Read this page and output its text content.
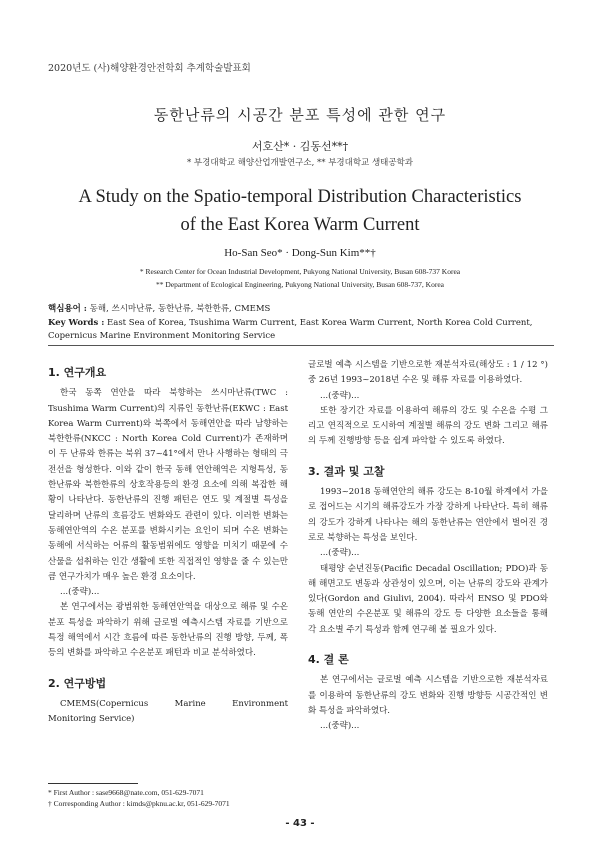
2020년도 (사)해양환경안전학회 추계학술발표회
동한난류의 시공간 분포 특성에 관한 연구
서호산* · 김동선**†
* 부경대학교 해양산업개발연구소, ** 부경대학교 생태공학과
A Study on the Spatio-temporal Distribution Characteristics
of the East Korea Warm Current
Ho-San Seo* · Dong-Sun Kim**†
* Research Center for Ocean Industrial Development, Pukyong National University, Busan 608-737 Korea
** Department of Ecological Engineering, Pukyong National University, Busan 608-737, Korea
핵심용어 : 동해, 쓰시마난류, 동한난류, 북한한류, CMEMS
Key Words : East Sea of Korea, Tsushima Warm Current, East Korea Warm Current, North Korea Cold Current, Copernicus Marine Environment Monitoring Service
1. 연구개요

한국 동쪽 연안을 따라 북향하는 쓰시마난류(TWC : Tsushima Warm Current)의 지류인 동한난류(EKWC : East Korea Warm Current)와 북쪽에서 동해연안을 따라 남향하는 북한한류(NKCC : North Korea Cold Current)가 존재하며 이 두 난류와 한류는 북위 37~41°에서 만나 사행하는 형태의 극전선을 형성한다. 이와 같이 한국 동해 연안해역은 지형특성, 동한난류와 북한한류의 상호작용등의 환경 요소에 의해 복잡한 해황이 나타난다. 동한난류의 진행 패턴은 연도 및 계절별 특성을 달리하며 난류의 흐름강도 변화와도 관련이 있다. 이러한 변화는 동해연안역의 수온 분포를 변화시키는 요인이 되며 수온 변화는 동해에 서식하는 어류의 활동범위에도 영향을 미치기 때문에 수산물을 섭취하는 인간 생활에 또한 직접적인 영향을 줄 수 있는만큼 연구가치가 매우 높은 환경 요소이다.

...(중략)...

본 연구에서는 광범위한 동해연안역을 대상으로 해류 및 수온 분포 특성을 파악하기 위해 글로벌 예측시스템 자료를 기반으로 특정 해역에서 시간 흐름에 따른 동한난류의 진행 방향, 두께, 폭 등의 변화를 파악하고 수온분포 패턴과 비교 분석하였다.

2. 연구방법

CMEMS(Copernicus Marine Environment Monitoring Service)

글로벌 예측 시스템을 기반으로한 재분석자료(해상도 : 1 / 12 °)중 26년 1993~2018년 수온 및 해류 자료를 이용하였다.

...(중략)...

또한 장기간 자료를 이용하여 해류의 강도 및 수온을 수평 그리고 연직적으로 도시하여 계절별 해류의 강도 변화 그리고 해류의 두께 진행방향 등을 쉽게 파악할 수 있도록 하였다.

3. 결과 및 고찰

1993~2018 동해연안의 해류 강도는 8-10월 하계에서 가을로 접어드는 시기의 해류강도가 가장 강하게 나타난다. 특히 해류의 강도가 강하게 나타나는 해의 동한난류는 연안에서 벌어진 경로로 북향하는 특성을 보인다.

...(중략)...

태평양 순년진동(Pacific Decadal Oscillation; PDO)과 동해 해면고도 변동과 상관성이 있으며, 이는 난류의 강도와 관계가 있다(Gordon and Giulivi, 2004). 따라서 ENSO 및 PDO와 동해 연안의 수온분포 및 해류의 강도 등 다양한 요소들을 통해 각 요소별 주기 특성과 함께 연구해 볼 필요가 있다.

4. 결 론

본 연구에서는 글로벌 예측 시스템을 기반으로한 재분석자료를 이용하여 동한난류의 강도 변화와 진행 방향등 시공간적인 변화 특성을 파악하였다.

...(중략)...

* First Author : sase9668@nate.com, 051-629-7071
† Corresponding Author : kimds@pknu.ac.kr, 051-629-7071
- 43 -
